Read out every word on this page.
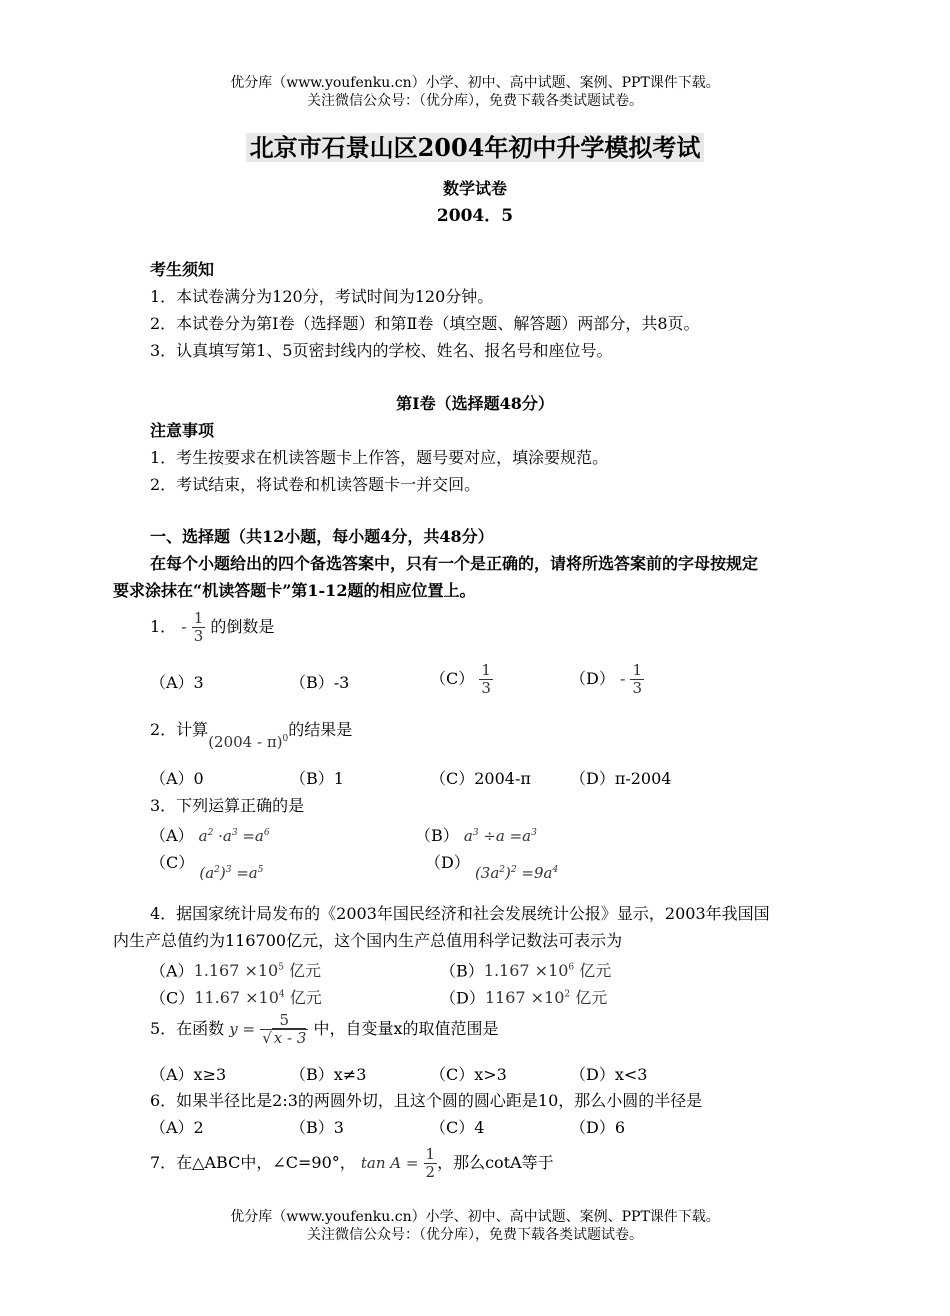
优分库（www.youfenku.cn）小学、初中、高中试题、案例、PPT课件下载。
关注微信公众号：（优分库），免费下载各类试题试卷。
北京市石景山区2004年初中升学模拟考试
数学试卷
2004．5
考生须知
1．本试卷满分为120分，考试时间为120分钟。
2．本试卷分为第Ⅰ卷（选择题）和第Ⅱ卷（填空题、解答题）两部分，共8页。
3．认真填写第1、5页密封线内的学校、姓名、报名号和座位号。
第Ⅰ卷（选择题48分）
注意事项
1．考生按要求在机读答题卡上作答，题号要对应，填涂要规范。
2．考试结束，将试卷和机读答题卡一并交回。
一、选择题（共12小题，每小题4分，共48分）
在每个小题给出的四个备选答案中，只有一个是正确的，请将所选答案前的字母按规定
要求涂抹在“机读答题卡”第1-12题的相应位置上。
1． - $\frac{1}{3}$ 的倒数是
（A）3	（B）-3	$(C) \frac{1}{3}$	$(D) - \frac{1}{3}$
2．计算(2004 - π)$^0$的结果是
（A）0	（B）1	（C）2004-π （D）π-2004
3．下列运算正确的是
（A） $a^2 \cdot a^3 =a^6$	（B） $a^3 \div a =a^3$
（C） $(a^2)^3 =a^5$	（D） $(3a^2)^2 =9a^4$
4．据国家统计局发布的《2003年国民经济和社会发展统计公报》显示，2003年我国国
内生产总值约为116700亿元，这个国内生产总值用科学记数法可表示为
$(A)1.167 \times 10^5$ 亿元	$(B)1.167 \times 10^6$ 亿元
$(C)11.67 \times 10^4$ 亿元	$(D)1167 \times 10^2$ 亿元
5．在函数 $y = \frac{5}{√ x - 3}$ 中，自变量x的取值范围是
（A）x≥3	（B）x≠3	（C）x>3	（D）x<3
6．如果半径比是2:3的两圆外切，且这个圆的圆心距是10，那么小圆的半径是
（A）2	（B）3	（C）4	（D）6
7．在△ABC中，∠C=90°， $\tan A = \frac{1}{2}$ ，那么cotA等于
优分库（www.youfenku.cn）小学、初中、高中试题、案例、PPT课件下载。
关注微信公众号：（优分库），免费下载各类试题试卷。
